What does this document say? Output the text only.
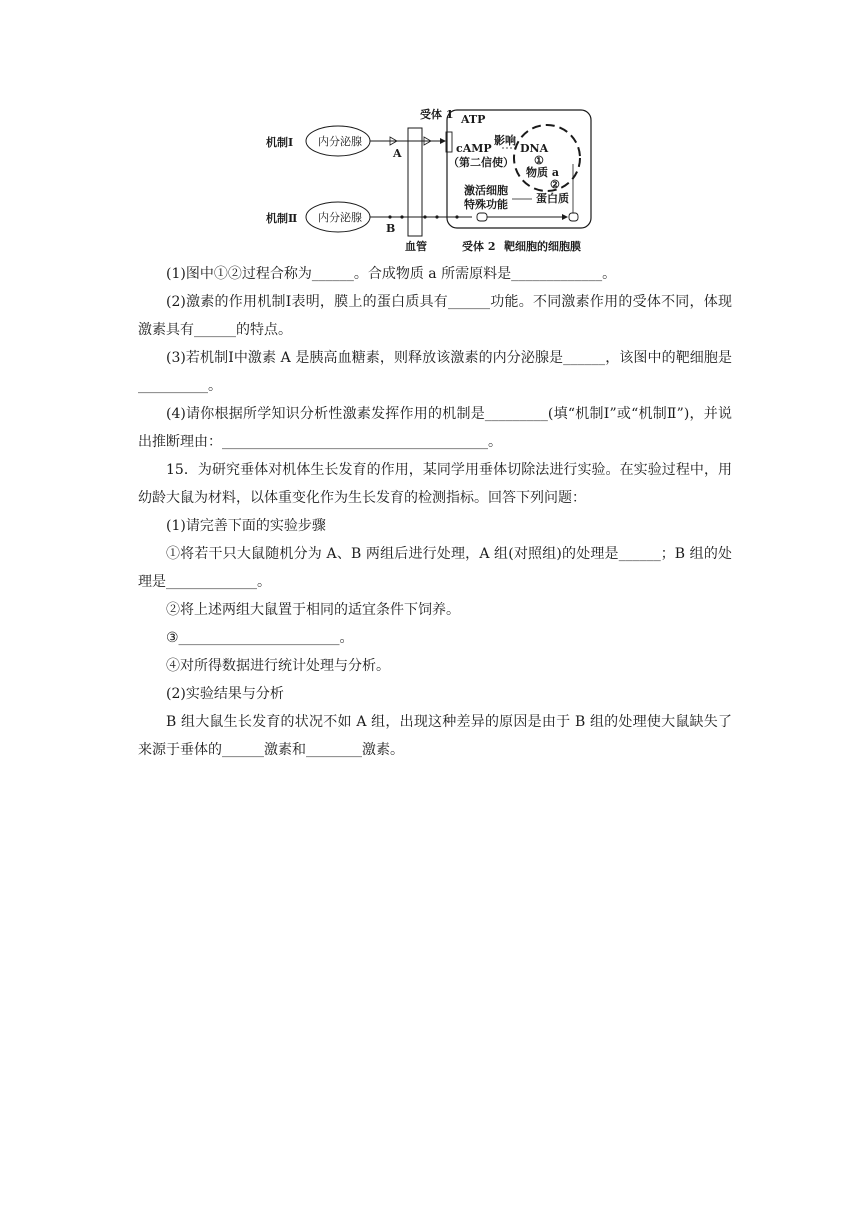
机制Ⅰ
机制Ⅱ
内分泌腺
内分泌腺
A
B
血管
受体 1 ATP
cAMP
（第二信使）
影响
DNA
①
物质 a
②
蛋白质
激活细胞
特殊功能
受体 2 靶细胞的细胞膜

(1)图中①②过程合称为______。合成物质 a 所需原料是_____________。

(2)激素的作用机制Ⅰ表明，膜上的蛋白质具有______功能。不同激素作用的受体不同，体现激素具有______的特点。

(3)若机制Ⅰ中激素 A 是胰高血糖素，则释放该激素的内分泌腺是______，该图中的靶细胞是__________。

(4)请你根据所学知识分析性激素发挥作用的机制是_________(填“机制Ⅰ”或“机制Ⅱ”)，并说出推断理由：______________________________________。

15．为研究垂体对机体生长发育的作用，某同学用垂体切除法进行实验。在实验过程中，用幼龄大鼠为材料，以体重变化作为生长发育的检测指标。回答下列问题：

(1)请完善下面的实验步骤

①将若干只大鼠随机分为 A、B 两组后进行处理，A 组(对照组)的处理是______；B 组的处理是_____________。

②将上述两组大鼠置于相同的适宜条件下饲养。

③_______________________。

④对所得数据进行统计处理与分析。

(2)实验结果与分析

B 组大鼠生长发育的状况不如 A 组，出现这种差异的原因是由于 B 组的处理使大鼠缺失了来源于垂体的______激素和________激素。
